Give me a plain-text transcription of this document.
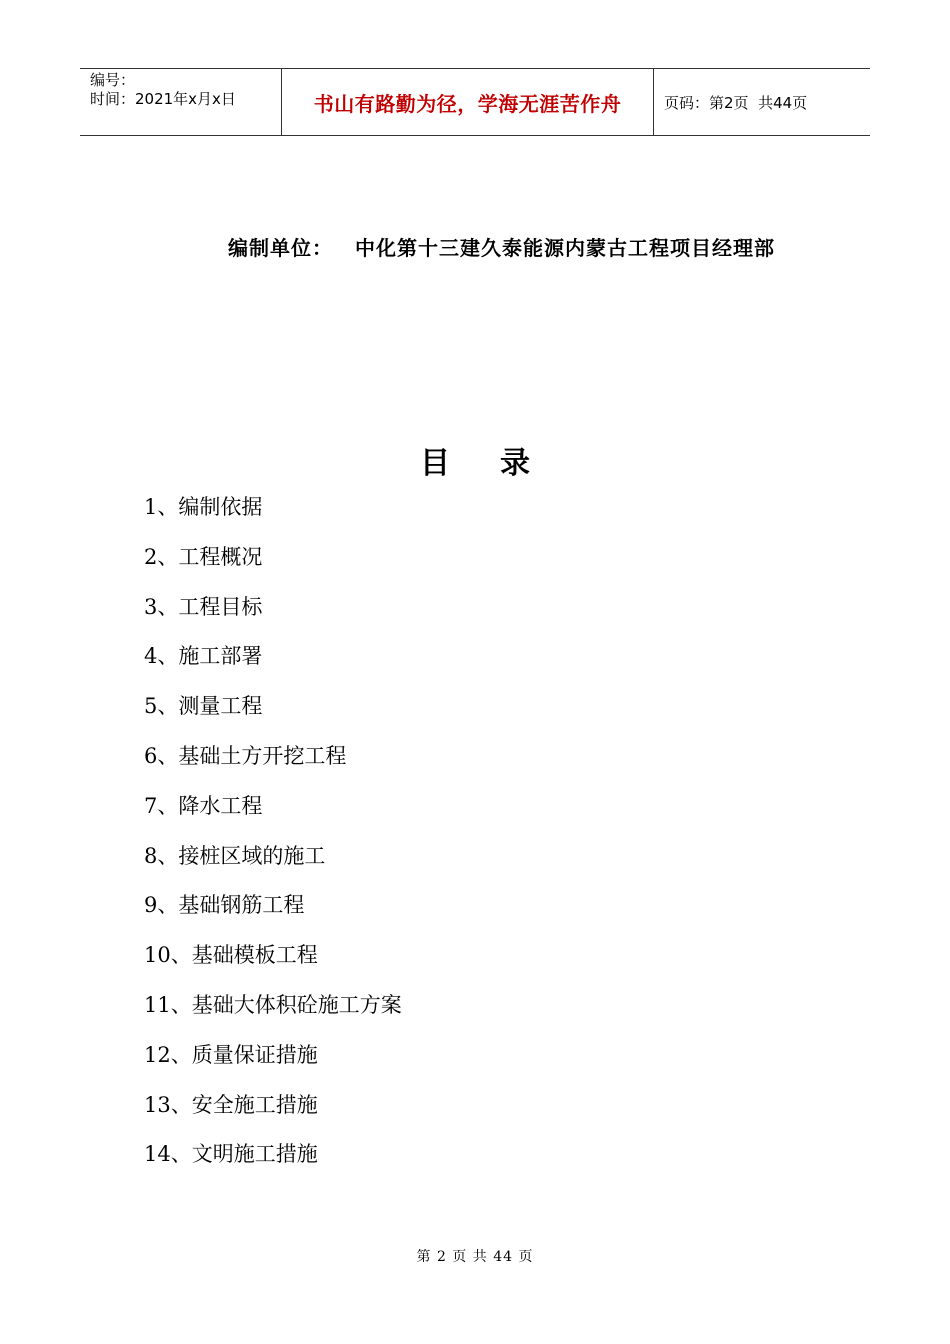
编号：
时间：2021年x月x日	书山有路勤为径，学海无涯苦作舟	页码：第2页  共44页
编制单位： 中化第十三建久泰能源内蒙古工程项目经理部
目录
1、编制依据
2、工程概况
3、工程目标
4、施工部署
5、测量工程
6、基础土方开挖工程
7、降水工程
8、接桩区域的施工
9、基础钢筋工程
10、基础模板工程
11、基础大体积砼施工方案
12、质量保证措施
13、安全施工措施
14、文明施工措施
第 2 页 共 44 页
